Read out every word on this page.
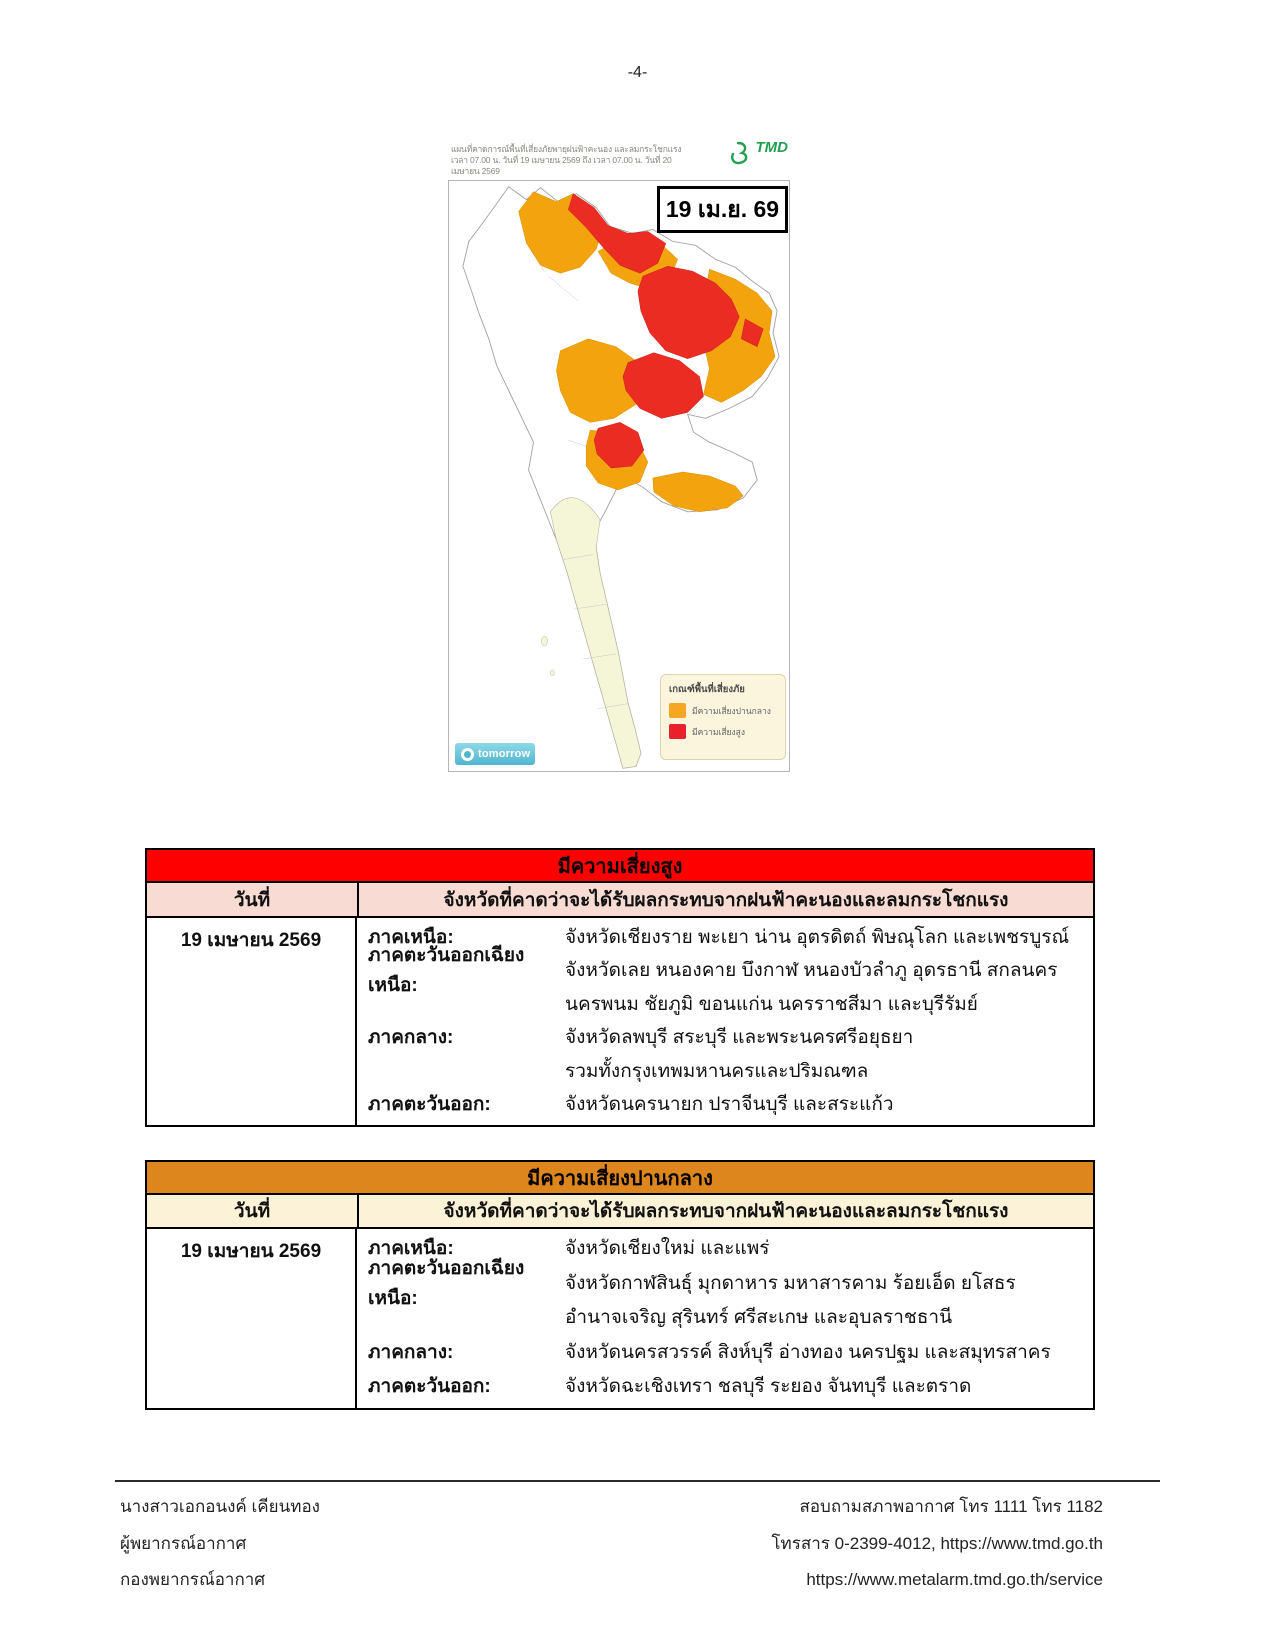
-4-
แผนที่คาดการณ์พื้นที่เสี่ยงภัยพายุฝนฟ้าคะนอง และลมกระโชกแรง
เวลา 07.00 น. วันที่ 19 เมษายน 2569 ถึง เวลา 07.00 น. วันที่ 20 เมษายน 2569
TMD
19 เม.ย. 69
เกณฑ์พื้นที่เสี่ยงภัย
มีความเสี่ยงปานกลาง
มีความเสี่ยงสูง
tomorrow
มีความเสี่ยงสูง
วันที่	จังหวัดที่คาดว่าจะได้รับผลกระทบจากฝนฟ้าคะนองและลมกระโชกแรง
19 เมษายน 2569	ภาคเหนือ:	จังหวัดเชียงราย พะเยา น่าน อุตรดิตถ์ พิษณุโลก และเพชรบูรณ์
ภาคตะวันออกเฉียงเหนือ:
จังหวัดเลย หนองคาย บึงกาฬ หนองบัวลำภู อุดรธานี สกลนคร
นครพนม ชัยภูมิ ขอนแก่น นครราชสีมา และบุรีรัมย์
ภาคกลาง:	จังหวัดลพบุรี สระบุรี และพระนครศรีอยุธยา
รวมทั้งกรุงเทพมหานครและปริมณฑล
ภาคตะวันออก:	จังหวัดนครนายก ปราจีนบุรี และสระแก้ว
มีความเสี่ยงปานกลาง
วันที่	จังหวัดที่คาดว่าจะได้รับผลกระทบจากฝนฟ้าคะนองและลมกระโชกแรง
19 เมษายน 2569	ภาคเหนือ:	จังหวัดเชียงใหม่ และแพร่
ภาคตะวันออกเฉียงเหนือ:
จังหวัดกาฬสินธุ์ มุกดาหาร มหาสารคาม ร้อยเอ็ด ยโสธร
อำนาจเจริญ สุรินทร์ ศรีสะเกษ และอุบลราชธานี
ภาคกลาง:	จังหวัดนครสวรรค์ สิงห์บุรี อ่างทอง นครปฐม และสมุทรสาคร
ภาคตะวันออก:	จังหวัดฉะเชิงเทรา ชลบุรี ระยอง จันทบุรี และตราด
นางสาวเอกอนงค์ เคียนทอง
ผู้พยากรณ์อากาศ
กองพยากรณ์อากาศ
สอบถามสภาพอากาศ โทร 1111 โทร 1182
โทรสาร 0-2399-4012, https://www.tmd.go.th
https://www.metalarm.tmd.go.th/service
